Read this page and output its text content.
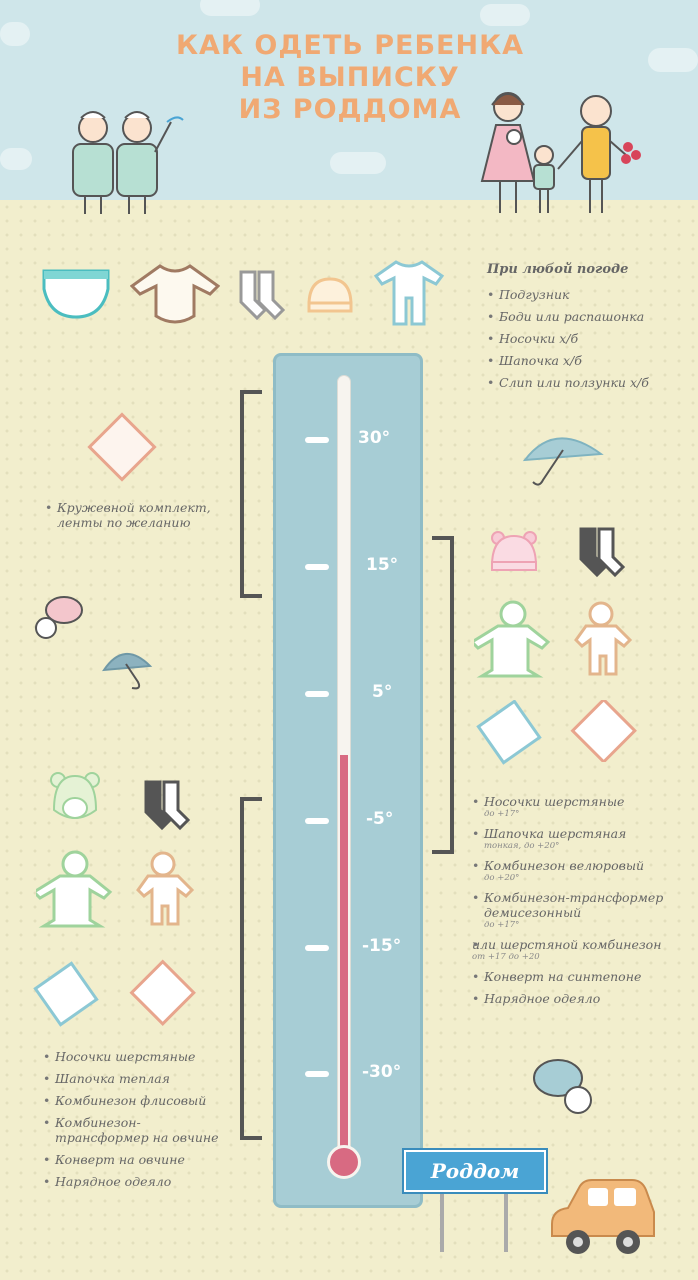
КАК ОДЕТЬ РЕБЕНКА
НА ВЫПИСКУ
ИЗ РОДДОМА
При любой погоде
• Подгузник
• Боди или распашонка
• Носочки х/б
• Шапочка х/б
• Слип или ползунки х/б
• Кружевной комплект, ленты по желанию
30°
15°
5°
-5°
-15°
-30°
• Носочки шерстяные
до +17°
• Шапочка шерстяная
тонкая, до +20°
• Комбинезон велюровый
до +20°
• Комбинезон-трансформер демисезонный
до +17°
• или шерстяной комбинезон
от +17 до +20
• Конверт на синтепоне
• Нарядное одеяло
• Носочки шерстяные
• Шапочка теплая
• Комбинезон флисовый
• Комбинезон-трансформер на овчине
• Конверт на овчине
• Нарядное одеяло	Роддом
